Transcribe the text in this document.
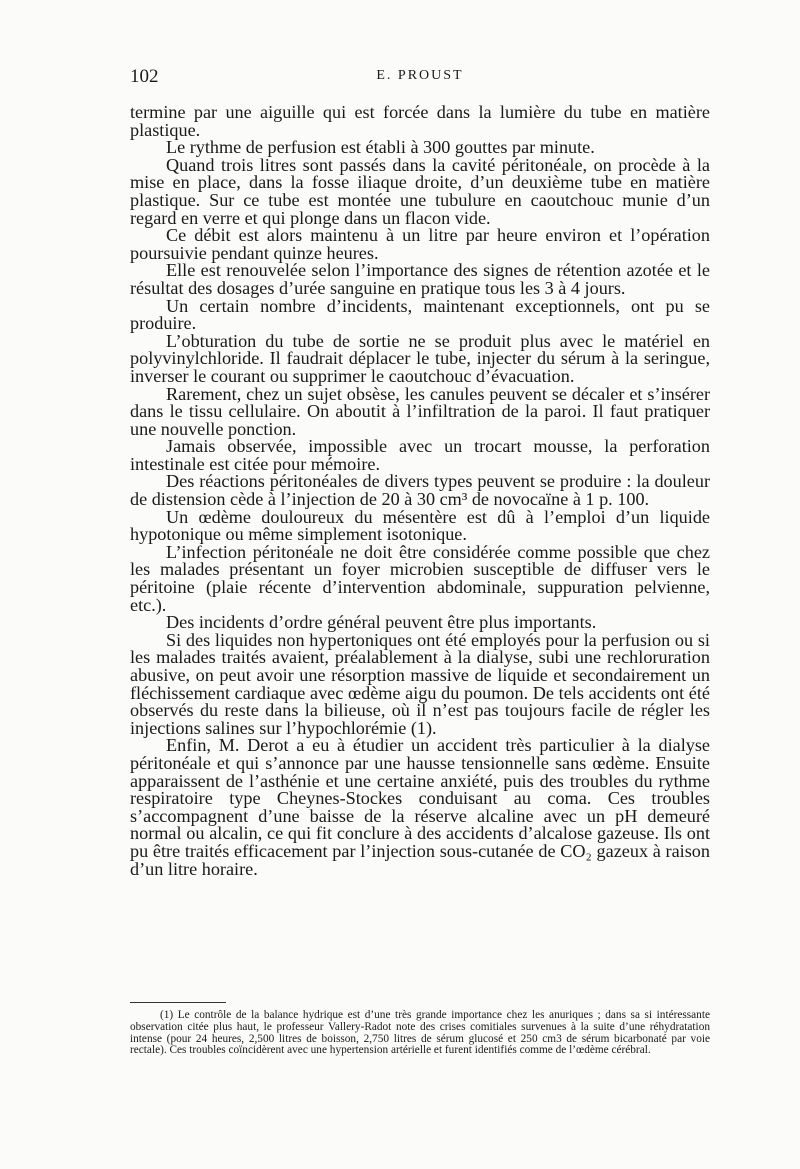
102	E. PROUST

termine par une aiguille qui est forcée dans la lumière du tube en matière plastique.

Le rythme de perfusion est établi à 300 gouttes par minute.

Quand trois litres sont passés dans la cavité péritonéale, on procède à la mise en place, dans la fosse iliaque droite, d’un deuxième tube en matière plastique. Sur ce tube est montée une tubulure en caoutchouc munie d’un regard en verre et qui plonge dans un flacon vide.

Ce débit est alors maintenu à un litre par heure environ et l’opération poursuivie pendant quinze heures.

Elle est renouvelée selon l’importance des signes de rétention azotée et le résultat des dosages d’urée sanguine en pratique tous les 3 à 4 jours.

Un certain nombre d’incidents, maintenant exceptionnels, ont pu se produire.

L’obturation du tube de sortie ne se produit plus avec le matériel en polyvinylchloride. Il faudrait déplacer le tube, injecter du sérum à la seringue, inverser le courant ou supprimer le caoutchouc d’évacuation.

Rarement, chez un sujet obsèse, les canules peuvent se décaler et s’insérer dans le tissu cellulaire. On aboutit à l’infiltration de la paroi. Il faut pratiquer une nouvelle ponction.

Jamais observée, impossible avec un trocart mousse, la perforation intestinale est citée pour mémoire.

Des réactions péritonéales de divers types peuvent se produire : la douleur de distension cède à l’injection de 20 à 30 cm³ de novocaïne à 1 p. 100.

Un œdème douloureux du mésentère est dû à l’emploi d’un liquide hypotonique ou même simplement isotonique.

L’infection péritonéale ne doit être considérée comme possible que chez les malades présentant un foyer microbien susceptible de diffuser vers le péritoine (plaie récente d’intervention abdominale, suppuration pelvienne, etc.).

Des incidents d’ordre général peuvent être plus importants.

Si des liquides non hypertoniques ont été employés pour la perfusion ou si les malades traités avaient, préalablement à la dialyse, subi une rechloruration abusive, on peut avoir une résorption massive de liquide et secondairement un fléchissement cardiaque avec œdème aigu du poumon. De tels accidents ont été observés du reste dans la bilieuse, où il n’est pas toujours facile de régler les injections salines sur l’hypochlorémie (1).

Enfin, M. Derot a eu à étudier un accident très particulier à la dialyse péritonéale et qui s’annonce par une hausse tensionnelle sans œdème. Ensuite apparaissent de l’asthénie et une certaine anxiété, puis des troubles du rythme respiratoire type Cheynes-Stockes conduisant au coma. Ces troubles s’accompagnent d’une baisse de la réserve alcaline avec un pH demeuré normal ou alcalin, ce qui fit conclure à des accidents d’alcalose gazeuse. Ils ont pu être traités efficacement par l’injection sous-cutanée de CO₂ gazeux à raison d’un litre horaire.

(1) Le contrôle de la balance hydrique est d’une très grande importance chez les anuriques ; dans sa si intéressante observation citée plus haut, le professeur Vallery-Radot note des crises comitiales survenues à la suite d’une réhydratation intense (pour 24 heures, 2,500 litres de boisson, 2,750 litres de sérum glucosé et 250 cm3 de sérum bicarbonaté par voie rectale). Ces troubles coïncidèrent avec une hypertension artérielle et furent identifiés comme de l’œdème cérébral.
